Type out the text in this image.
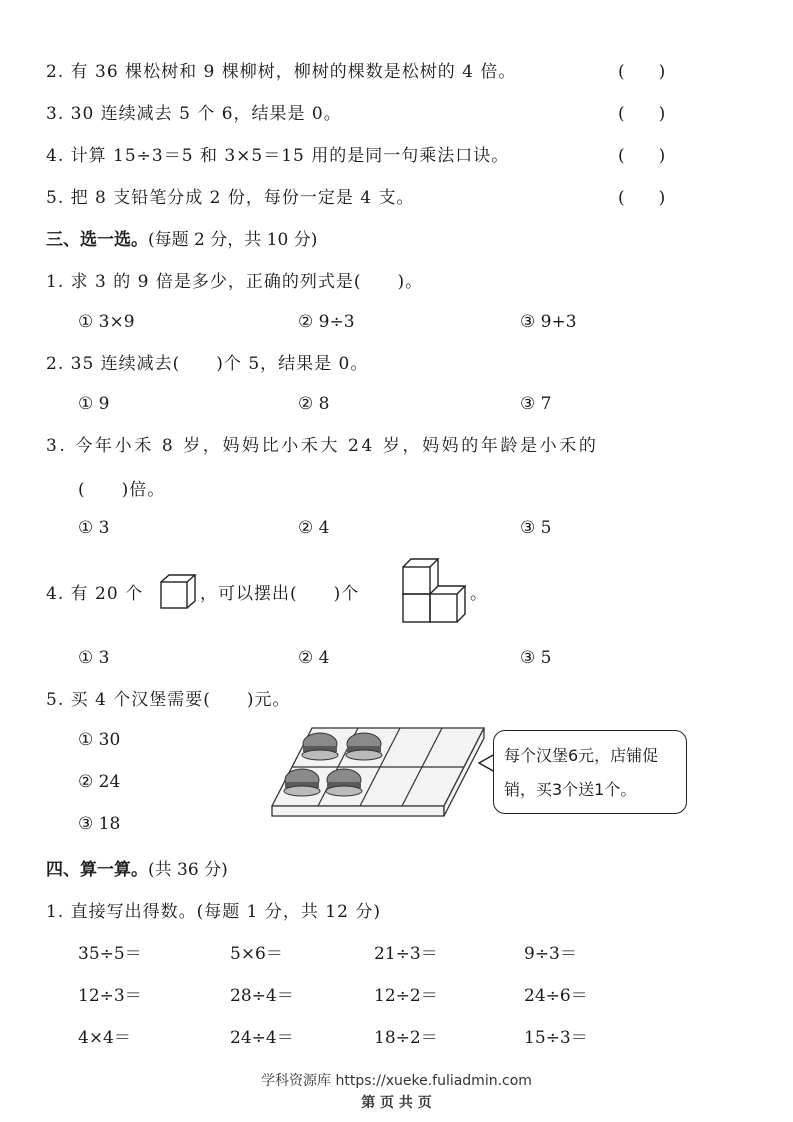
2. 有 36 棵松树和 9 棵柳树，柳树的棵数是松树的 4 倍。	(　　)
3. 30 连续减去 5 个 6，结果是 0。	(　　)
4. 计算 15÷3＝5 和 3×5＝15 用的是同一句乘法口诀。	(　　)
5. 把 8 支铅笔分成 2 份，每份一定是 4 支。	(　　)
三、选一选。(每题 2 分，共 10 分)
1. 求 3 的 9 倍是多少，正确的列式是(　　)。
① 3×9	② 9÷3	③ 9+3
2. 35 连续减去(　　)个 5，结果是 0。
① 9	② 8	③ 7
3. 今年小禾 8 岁，妈妈比小禾大 24 岁，妈妈的年龄是小禾的
(　　)倍。
① 3	② 4	③ 5
4. 有 20 个	，可以摆出(　　)个	。
① 3	② 4	③ 5
5. 买 4 个汉堡需要(　　)元。
① 30
② 24
③ 18
每个汉堡6元，店铺促
销，买3个送1个。
四、算一算。(共 36 分)
1. 直接写出得数。(每题 1 分，共 12 分)
35÷5＝	5×6＝	21÷3＝	9÷3＝
12÷3＝	28÷4＝	12÷2＝	24÷6＝
4×4＝	24÷4＝	18÷2＝	15÷3＝
学科资源库 https://xueke.fuliadmin.com
第 页 共 页
